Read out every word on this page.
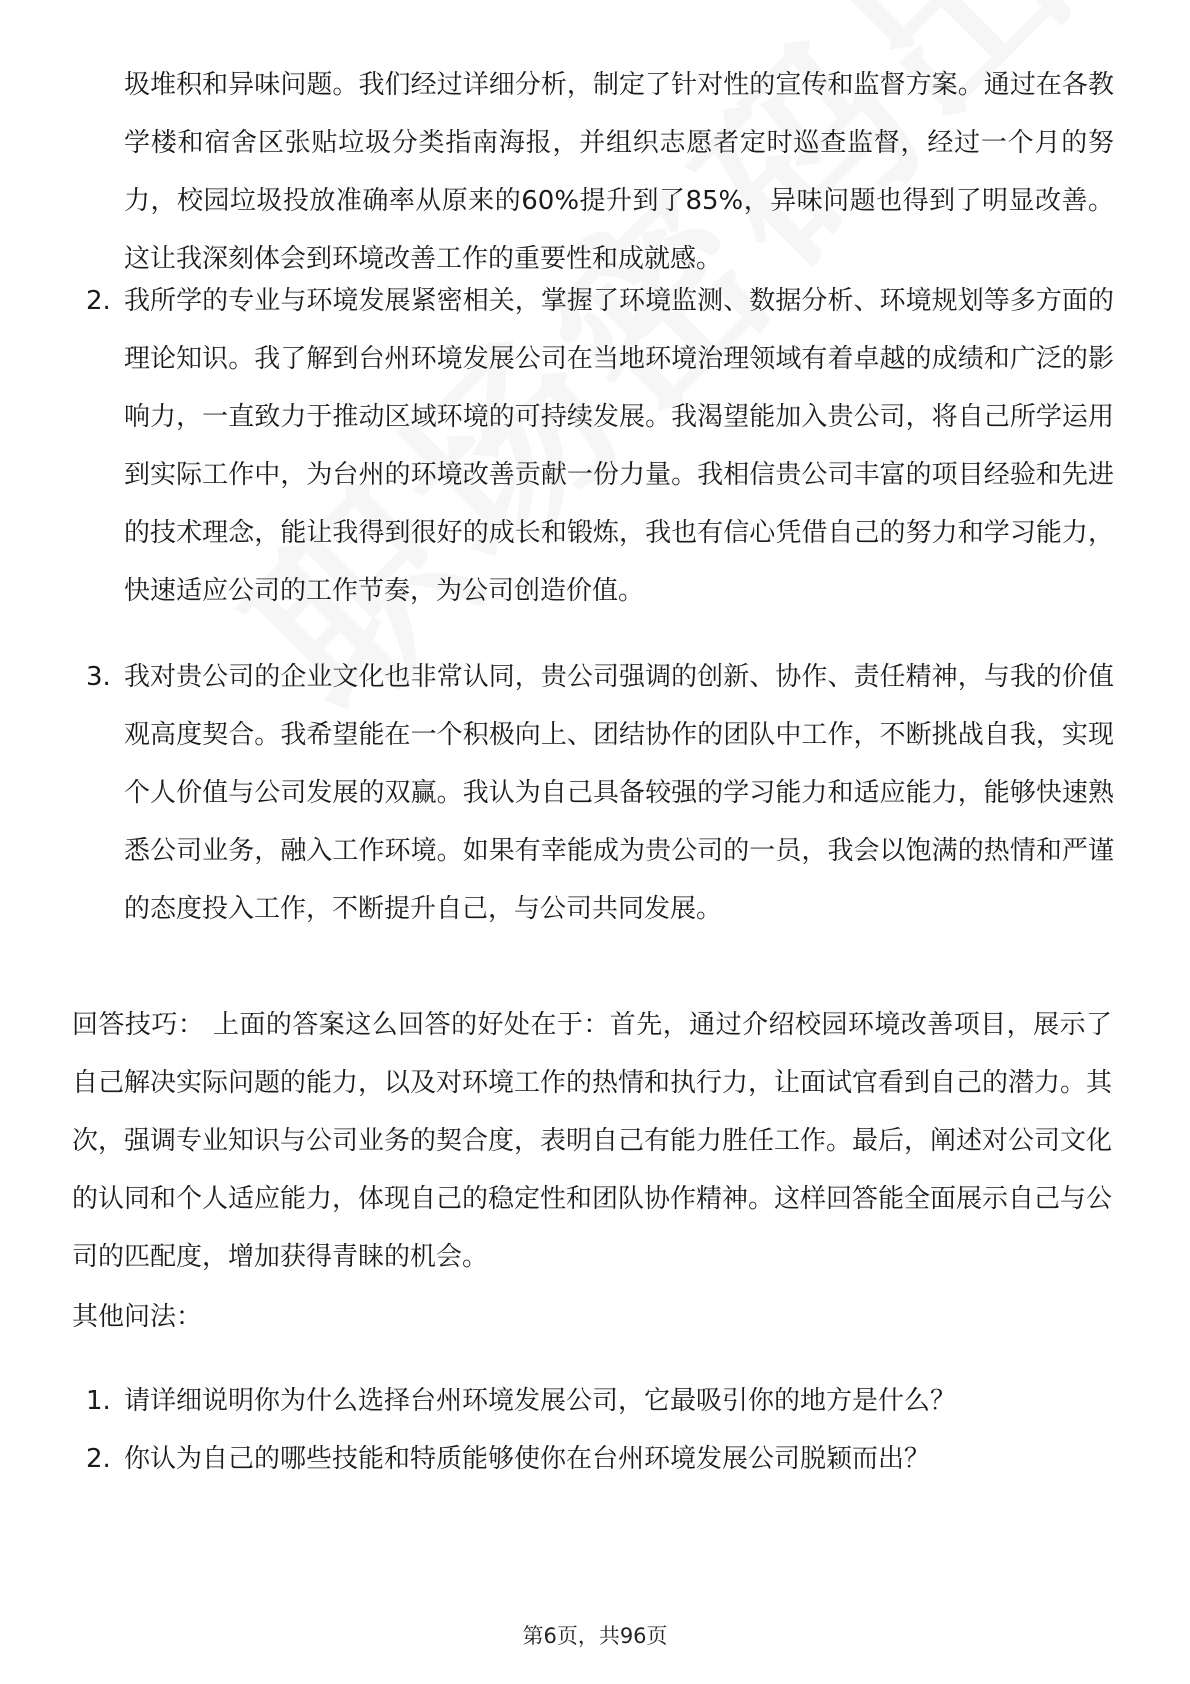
圾堆积和异味问题。我们经过详细分析，制定了针对性的宣传和监督方案。通过在各教学楼和宿舍区张贴垃圾分类指南海报，并组织志愿者定时巡查监督，经过一个月的努力，校园垃圾投放准确率从原来的60%提升到了85%，异味问题也得到了明显改善。这让我深刻体会到环境改善工作的重要性和成就感。

2. 我所学的专业与环境发展紧密相关，掌握了环境监测、数据分析、环境规划等多方面的理论知识。我了解到台州环境发展公司在当地环境治理领域有着卓越的成绩和广泛的影响力，一直致力于推动区域环境的可持续发展。我渴望能加入贵公司，将自己所学运用到实际工作中，为台州的环境改善贡献一份力量。我相信贵公司丰富的项目经验和先进的技术理念，能让我得到很好的成长和锻炼，我也有信心凭借自己的努力和学习能力，快速适应公司的工作节奏，为公司创造价值。

3. 我对贵公司的企业文化也非常认同，贵公司强调的创新、协作、责任精神，与我的价值观高度契合。我希望能在一个积极向上、团结协作的团队中工作，不断挑战自我，实现个人价值与公司发展的双赢。我认为自己具备较强的学习能力和适应能力，能够快速熟悉公司业务，融入工作环境。如果有幸能成为贵公司的一员，我会以饱满的热情和严谨的态度投入工作，不断提升自己，与公司共同发展。

回答技巧： 上面的答案这么回答的好处在于：首先，通过介绍校园环境改善项目，展示了自己解决实际问题的能力，以及对环境工作的热情和执行力，让面试官看到自己的潜力。其次，强调专业知识与公司业务的契合度，表明自己有能力胜任工作。最后，阐述对公司文化的认同和个人适应能力，体现自己的稳定性和团队协作精神。这样回答能全面展示自己与公司的匹配度，增加获得青睐的机会。

其他问法：

1. 请详细说明你为什么选择台州环境发展公司，它最吸引你的地方是什么？

2. 你认为自己的哪些技能和特质能够使你在台州环境发展公司脱颖而出？

第6页，共96页
